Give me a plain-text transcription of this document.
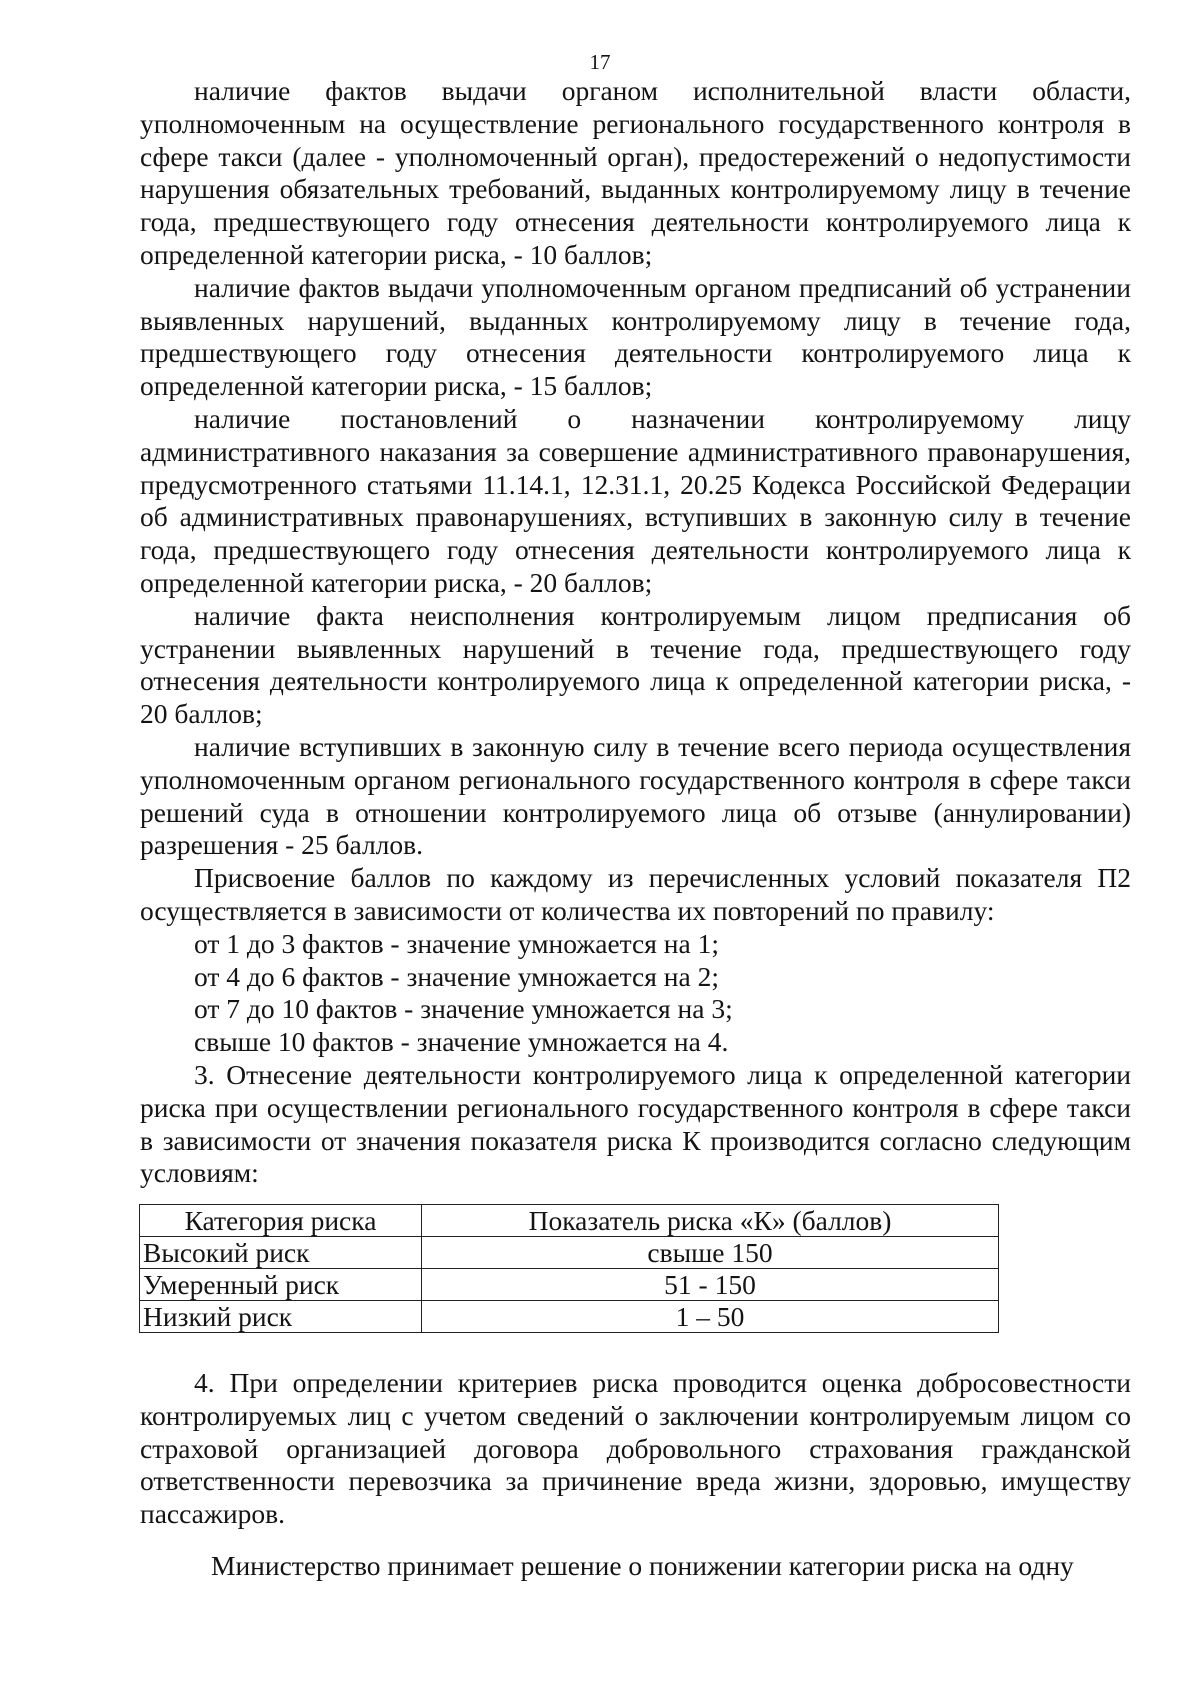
17

наличие фактов выдачи органом исполнительной власти области, уполномоченным на осуществление регионального государственного контроля в сфере такси (далее - уполномоченный орган), предостережений о недопустимости нарушения обязательных требований, выданных контролируемому лицу в течение года, предшествующего году отнесения деятельности контролируемого лица к определенной категории риска, - 10 баллов;

наличие фактов выдачи уполномоченным органом предписаний об устранении выявленных нарушений, выданных контролируемому лицу в течение года, предшествующего году отнесения деятельности контролируемого лица к определенной категории риска, - 15 баллов;

наличие постановлений о назначении контролируемому лицу административного наказания за совершение административного правонарушения, предусмотренного статьями 11.14.1, 12.31.1, 20.25 Кодекса Российской Федерации об административных правонарушениях, вступивших в законную силу в течение года, предшествующего году отнесения деятельности контролируемого лица к определенной категории риска, - 20 баллов;

наличие факта неисполнения контролируемым лицом предписания об устранении выявленных нарушений в течение года, предшествующего году отнесения деятельности контролируемого лица к определенной категории риска, - 20 баллов;

наличие вступивших в законную силу в течение всего периода осуществления уполномоченным органом регионального государственного контроля в сфере такси решений суда в отношении контролируемого лица об отзыве (аннулировании) разрешения - 25 баллов.

Присвоение баллов по каждому из перечисленных условий показателя П2 осуществляется в зависимости от количества их повторений по правилу:

от 1 до 3 фактов - значение умножается на 1;

от 4 до 6 фактов - значение умножается на 2;

от 7 до 10 фактов - значение умножается на 3;

свыше 10 фактов - значение умножается на 4.

3. Отнесение деятельности контролируемого лица к определенной категории риска при осуществлении регионального государственного контроля в сфере такси в зависимости от значения показателя риска К производится согласно следующим условиям:

Категория риска	Показатель риска «К» (баллов)
Высокий риск	свыше 150
Умеренный риск	51 - 150
Низкий риск	1 – 50

4. При определении критериев риска проводится оценка добросовестности контролируемых лиц с учетом сведений о заключении контролируемым лицом со страховой организацией договора добровольного страхования гражданской ответственности перевозчика за причинение вреда жизни, здоровью, имуществу пассажиров.

Министерство принимает решение о понижении категории риска на одну
